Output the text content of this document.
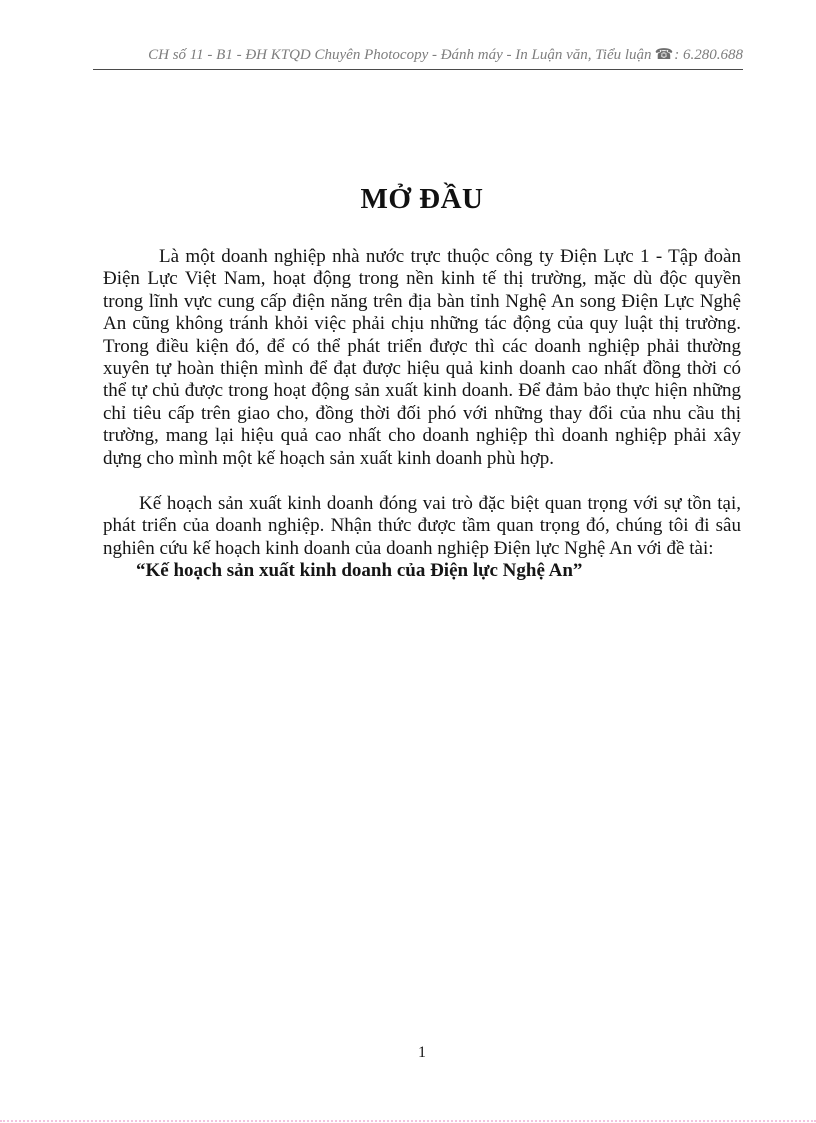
CH số 11 - B1 - ĐH KTQD Chuyên Photocopy - Đánh máy - In Luận văn, Tiểu luận ☎: 6.280.688
MỞ ĐẦU

Là một doanh nghiệp nhà nước trực thuộc công ty Điện Lực 1 - Tập đoàn Điện Lực Việt Nam, hoạt động trong nền kinh tế thị trường, mặc dù độc quyền trong lĩnh vực cung cấp điện năng trên địa bàn tỉnh Nghệ An song Điện Lực Nghệ An cũng không tránh khỏi việc phải chịu những tác động của quy luật thị trường. Trong điều kiện đó, để có thể phát triển được thì các doanh nghiệp phải thường xuyên tự hoàn thiện mình để đạt được hiệu quả kinh doanh cao nhất đồng thời có thể tự chủ được trong hoạt động sản xuất kinh doanh. Để đảm bảo thực hiện những chỉ tiêu cấp trên giao cho, đồng thời đối phó với những thay đổi của nhu cầu thị trường, mang lại hiệu quả cao nhất cho doanh nghiệp thì doanh nghiệp phải xây dựng cho mình một kế hoạch sản xuất kinh doanh phù hợp.

Kế hoạch sản xuất kinh doanh đóng vai trò đặc biệt quan trọng với sự tồn tại, phát triển của doanh nghiệp. Nhận thức được tầm quan trọng đó, chúng tôi đi sâu nghiên cứu kế hoạch kinh doanh của doanh nghiệp Điện lực Nghệ An với đề tài:

“Kế hoạch sản xuất kinh doanh của Điện lực Nghệ An”

1
